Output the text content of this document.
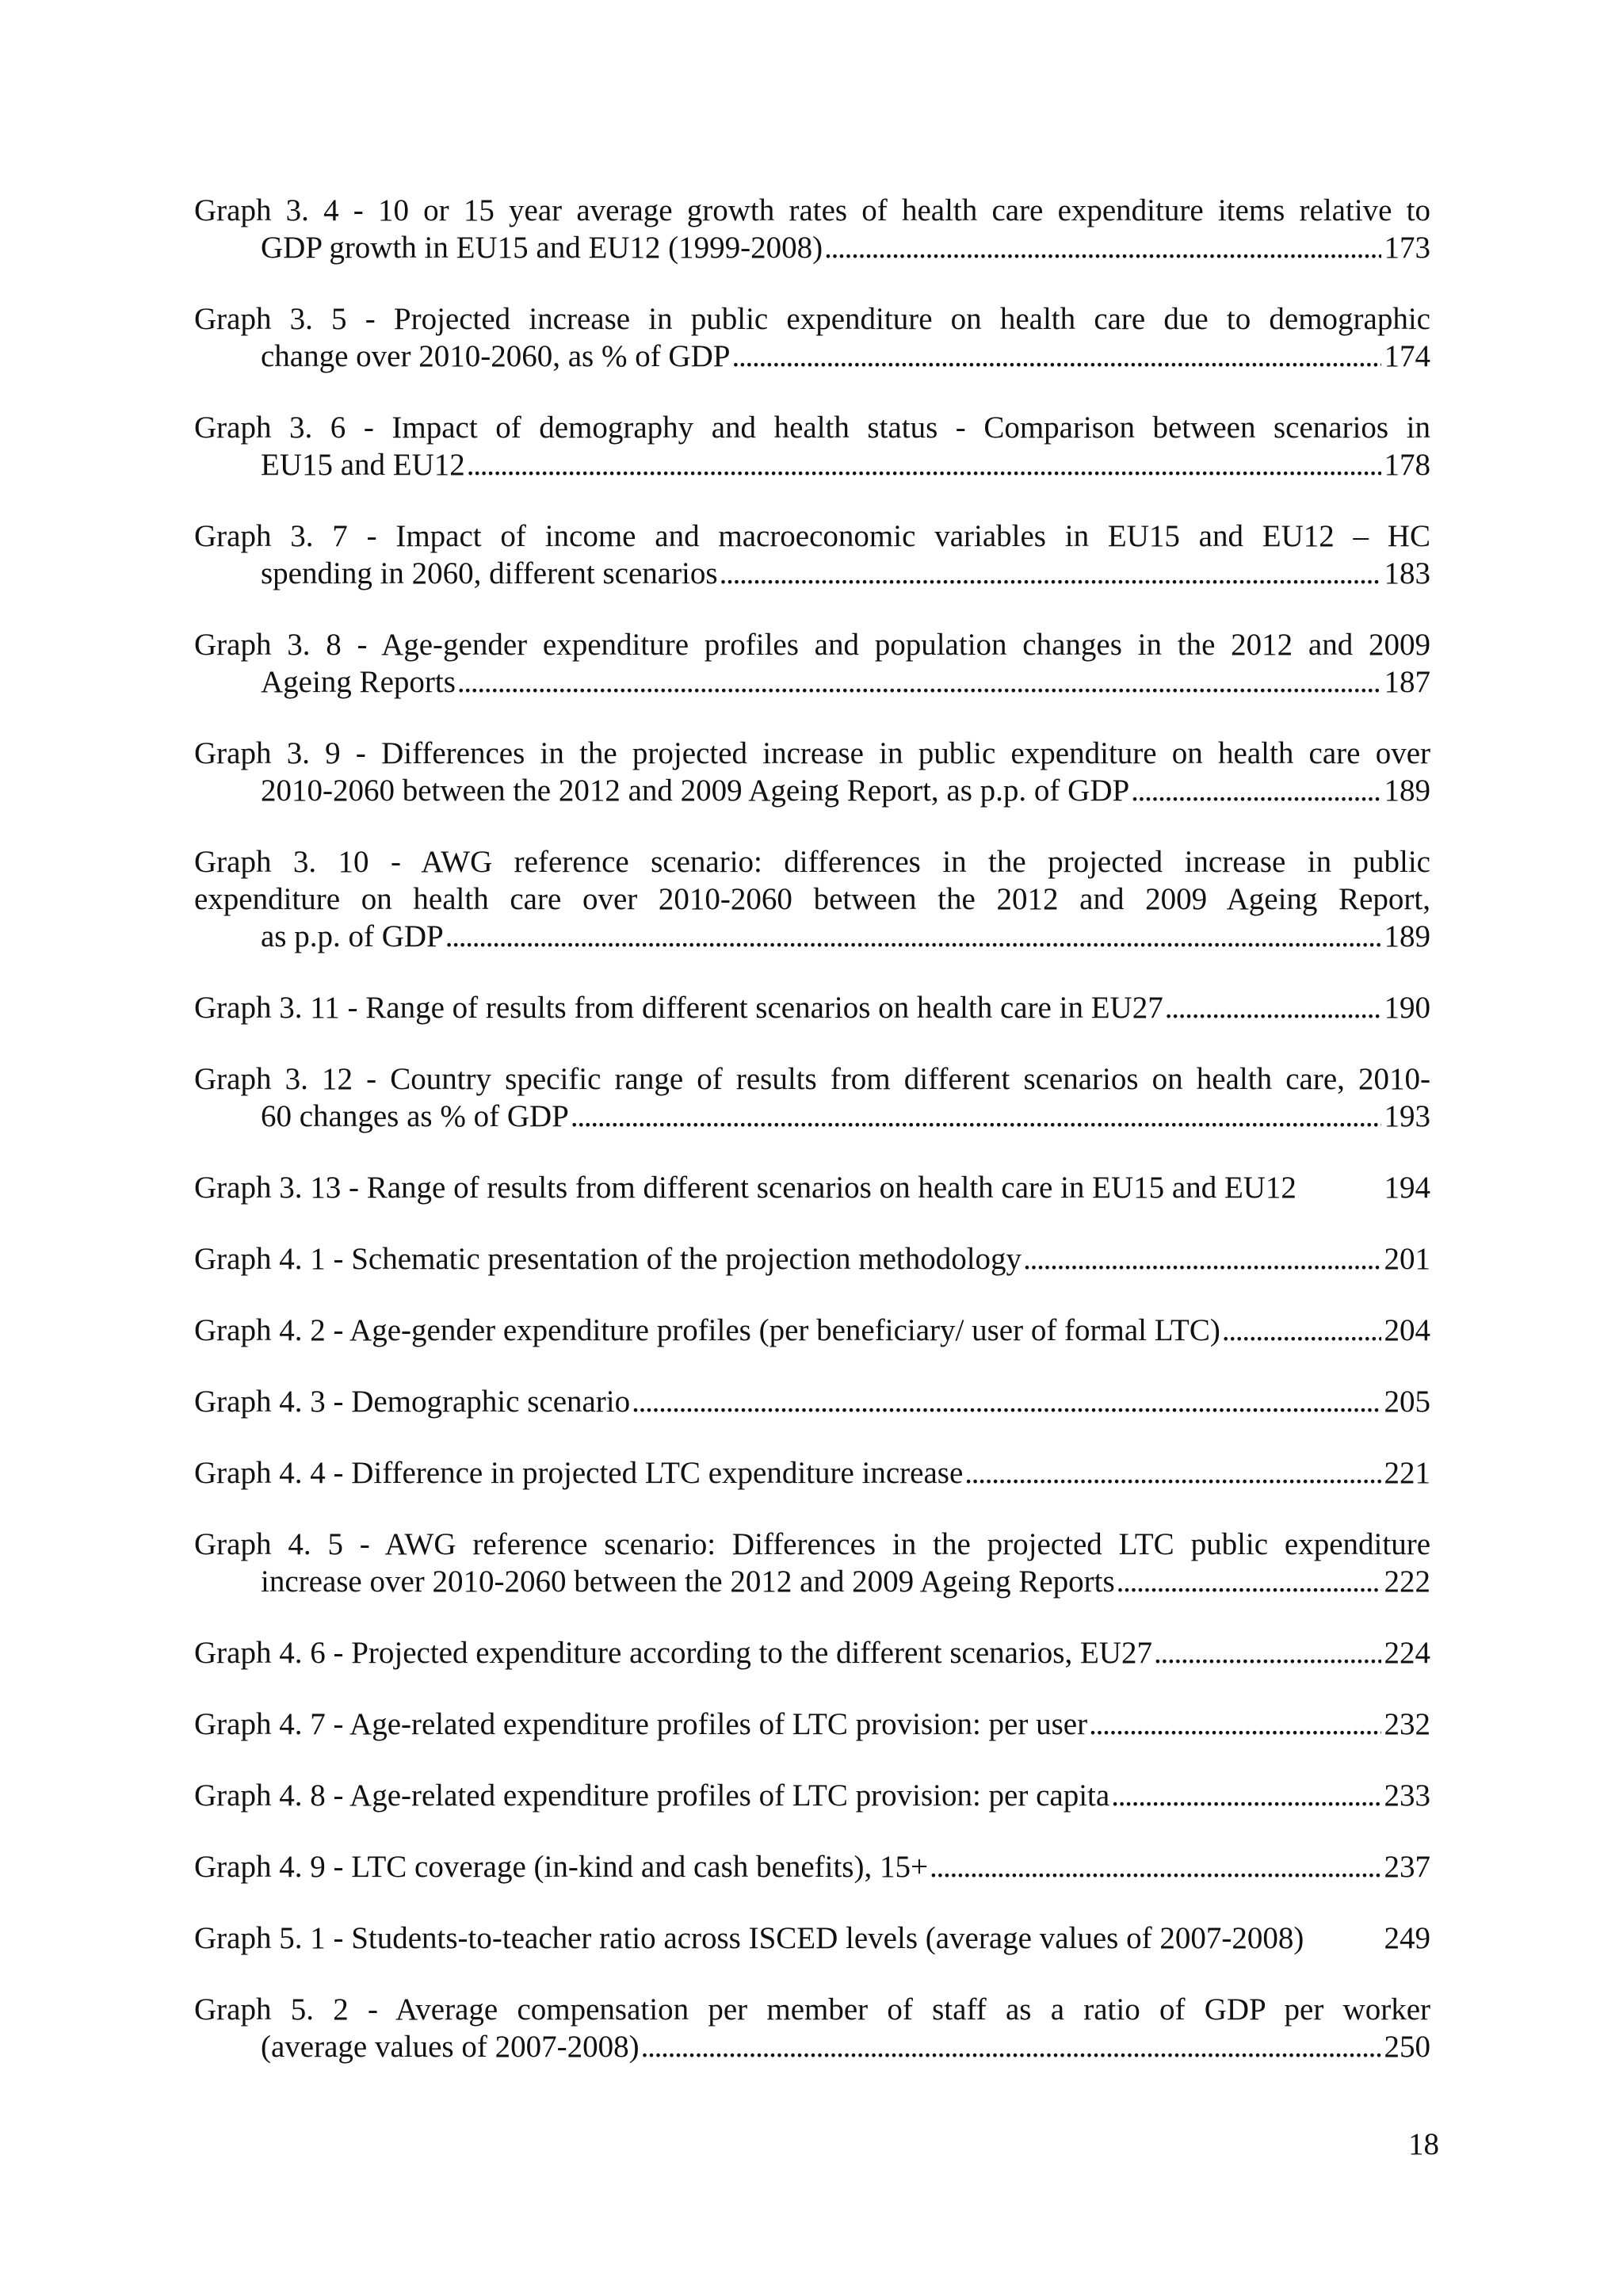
Graph 3. 4 - 10 or 15 year average growth rates of health care expenditure items relative to
GDP growth in EU15 and EU12 (1999-2008) . . .	173
Graph 3. 5 - Projected increase in public expenditure on health care due to demographic
change over 2010-2060, as % of GDP . . .	174
Graph 3. 6 - Impact of demography and health status - Comparison between scenarios in
EU15 and EU12 . . .	178
Graph 3. 7 - Impact of income and macroeconomic variables in EU15 and EU12 – HC
spending in 2060, different scenarios . . .	183
Graph 3. 8 - Age-gender expenditure profiles and population changes in the 2012 and 2009
Ageing Reports . . .	187
Graph 3. 9 - Differences in the projected increase in public expenditure on health care over
2010-2060 between the 2012 and 2009 Ageing Report, as p.p. of GDP . . .	189
Graph 3. 10 - AWG reference scenario: differences in the projected increase in public
expenditure on health care over 2010-2060 between the 2012 and 2009 Ageing Report,
as p.p. of GDP . . .	189
Graph 3. 11 - Range of results from different scenarios on health care in EU27 . . .	190
Graph 3. 12 - Country specific range of results from different scenarios on health care, 2010-
60 changes as % of GDP . . .	193
Graph 3. 13 - Range of results from different scenarios on health care in EU15 and EU12	194
Graph 4. 1 - Schematic presentation of the projection methodology . . .	201
Graph 4. 2 - Age-gender expenditure profiles (per beneficiary/ user of formal LTC) . . .	204
Graph 4. 3 - Demographic scenario . . .	205
Graph 4. 4 - Difference in projected LTC expenditure increase . . .	221
Graph 4. 5 - AWG reference scenario: Differences in the projected LTC public expenditure
increase over 2010-2060 between the 2012 and 2009 Ageing Reports . . .	222
Graph 4. 6 - Projected expenditure according to the different scenarios, EU27 . . .	224
Graph 4. 7 - Age-related expenditure profiles of LTC provision: per user . . .	232
Graph 4. 8 - Age-related expenditure profiles of LTC provision: per capita . . .	233
Graph 4. 9 - LTC coverage (in-kind and cash benefits), 15+ . . .	237
Graph 5. 1 - Students-to-teacher ratio across ISCED levels (average values of 2007-2008)	249
Graph 5. 2 - Average compensation per member of staff as a ratio of GDP per worker
(average values of 2007-2008) . . .	250
18
